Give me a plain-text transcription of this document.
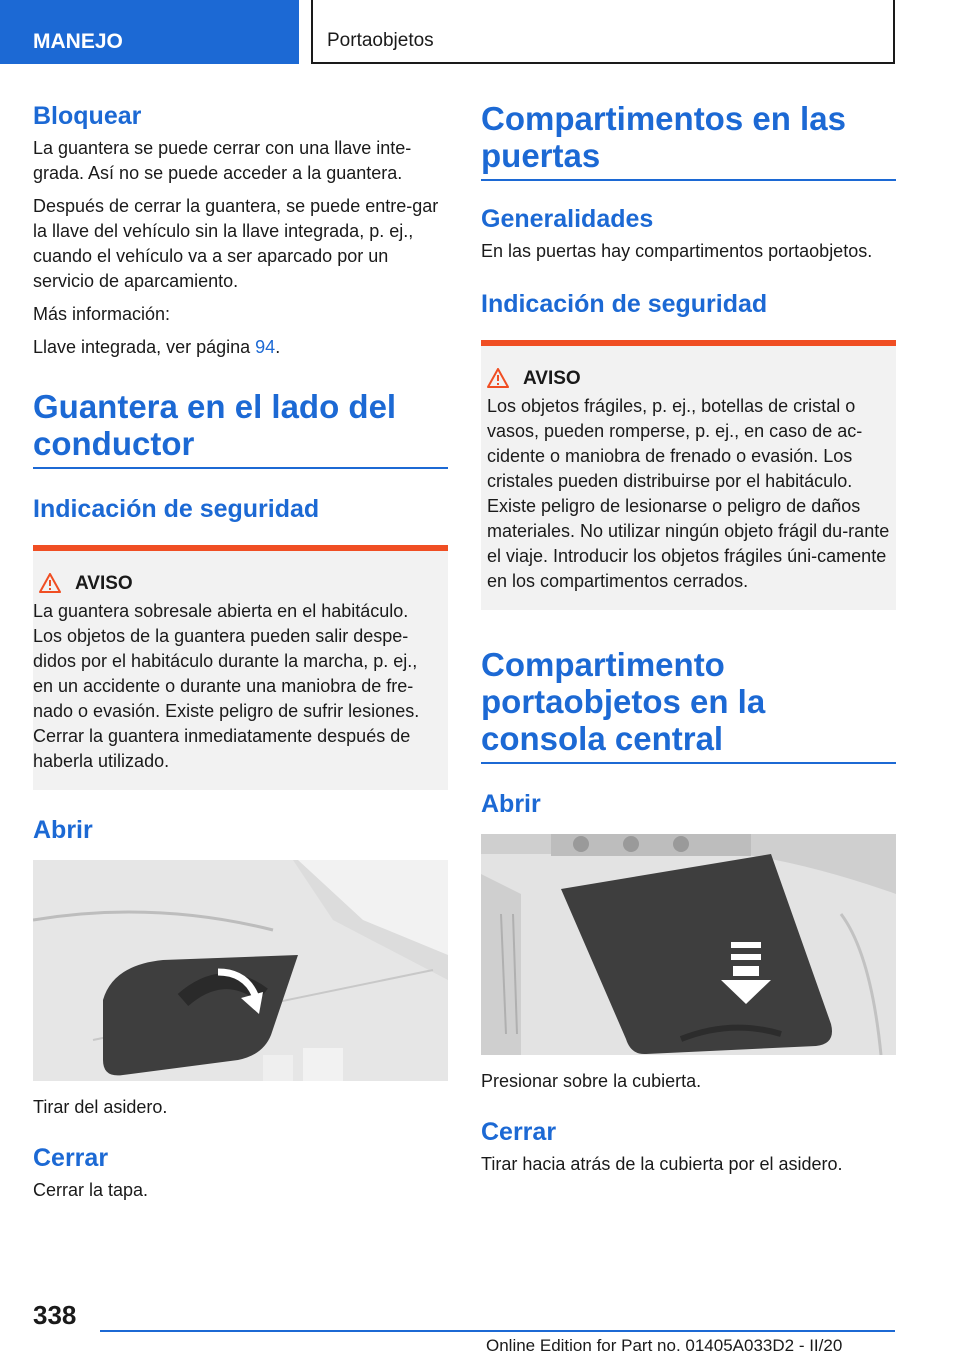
MANEJO	Portaobjetos
Bloquear

La guantera se puede cerrar con una llave inte-grada. Así no se puede acceder a la guantera.

Después de cerrar la guantera, se puede entre-gar la llave del vehículo sin la llave integrada, p. ej., cuando el vehículo va a ser aparcado por un servicio de aparcamiento.

Más información:

Llave integrada, ver página 94.

Guantera en el lado del conductor
Indicación de seguridad
AVISO

La guantera sobresale abierta en el habitáculo. Los objetos de la guantera pueden salir despe-didos por el habitáculo durante la marcha, p. ej., en un accidente o durante una maniobra de fre-nado o evasión. Existe peligro de sufrir lesiones. Cerrar la guantera inmediatamente después de haberla utilizado.

Abrir

Tirar del asidero.

Cerrar

Cerrar la tapa.

Compartimentos en las puertas
Generalidades

En las puertas hay compartimentos portaobjetos.

Indicación de seguridad
AVISO

Los objetos frágiles, p. ej., botellas de cristal o vasos, pueden romperse, p. ej., en caso de ac-cidente o maniobra de frenado o evasión. Los cristales pueden distribuirse por el habitáculo. Existe peligro de lesionarse o peligro de daños materiales. No utilizar ningún objeto frágil du-rante el viaje. Introducir los objetos frágiles úni-camente en los compartimentos cerrados.

Compartimento portaobjetos en la consola central
Abrir

Presionar sobre la cubierta.

Cerrar

Tirar hacia atrás de la cubierta por el asidero.

338
Online Edition for Part no. 01405A033D2 - II/20
